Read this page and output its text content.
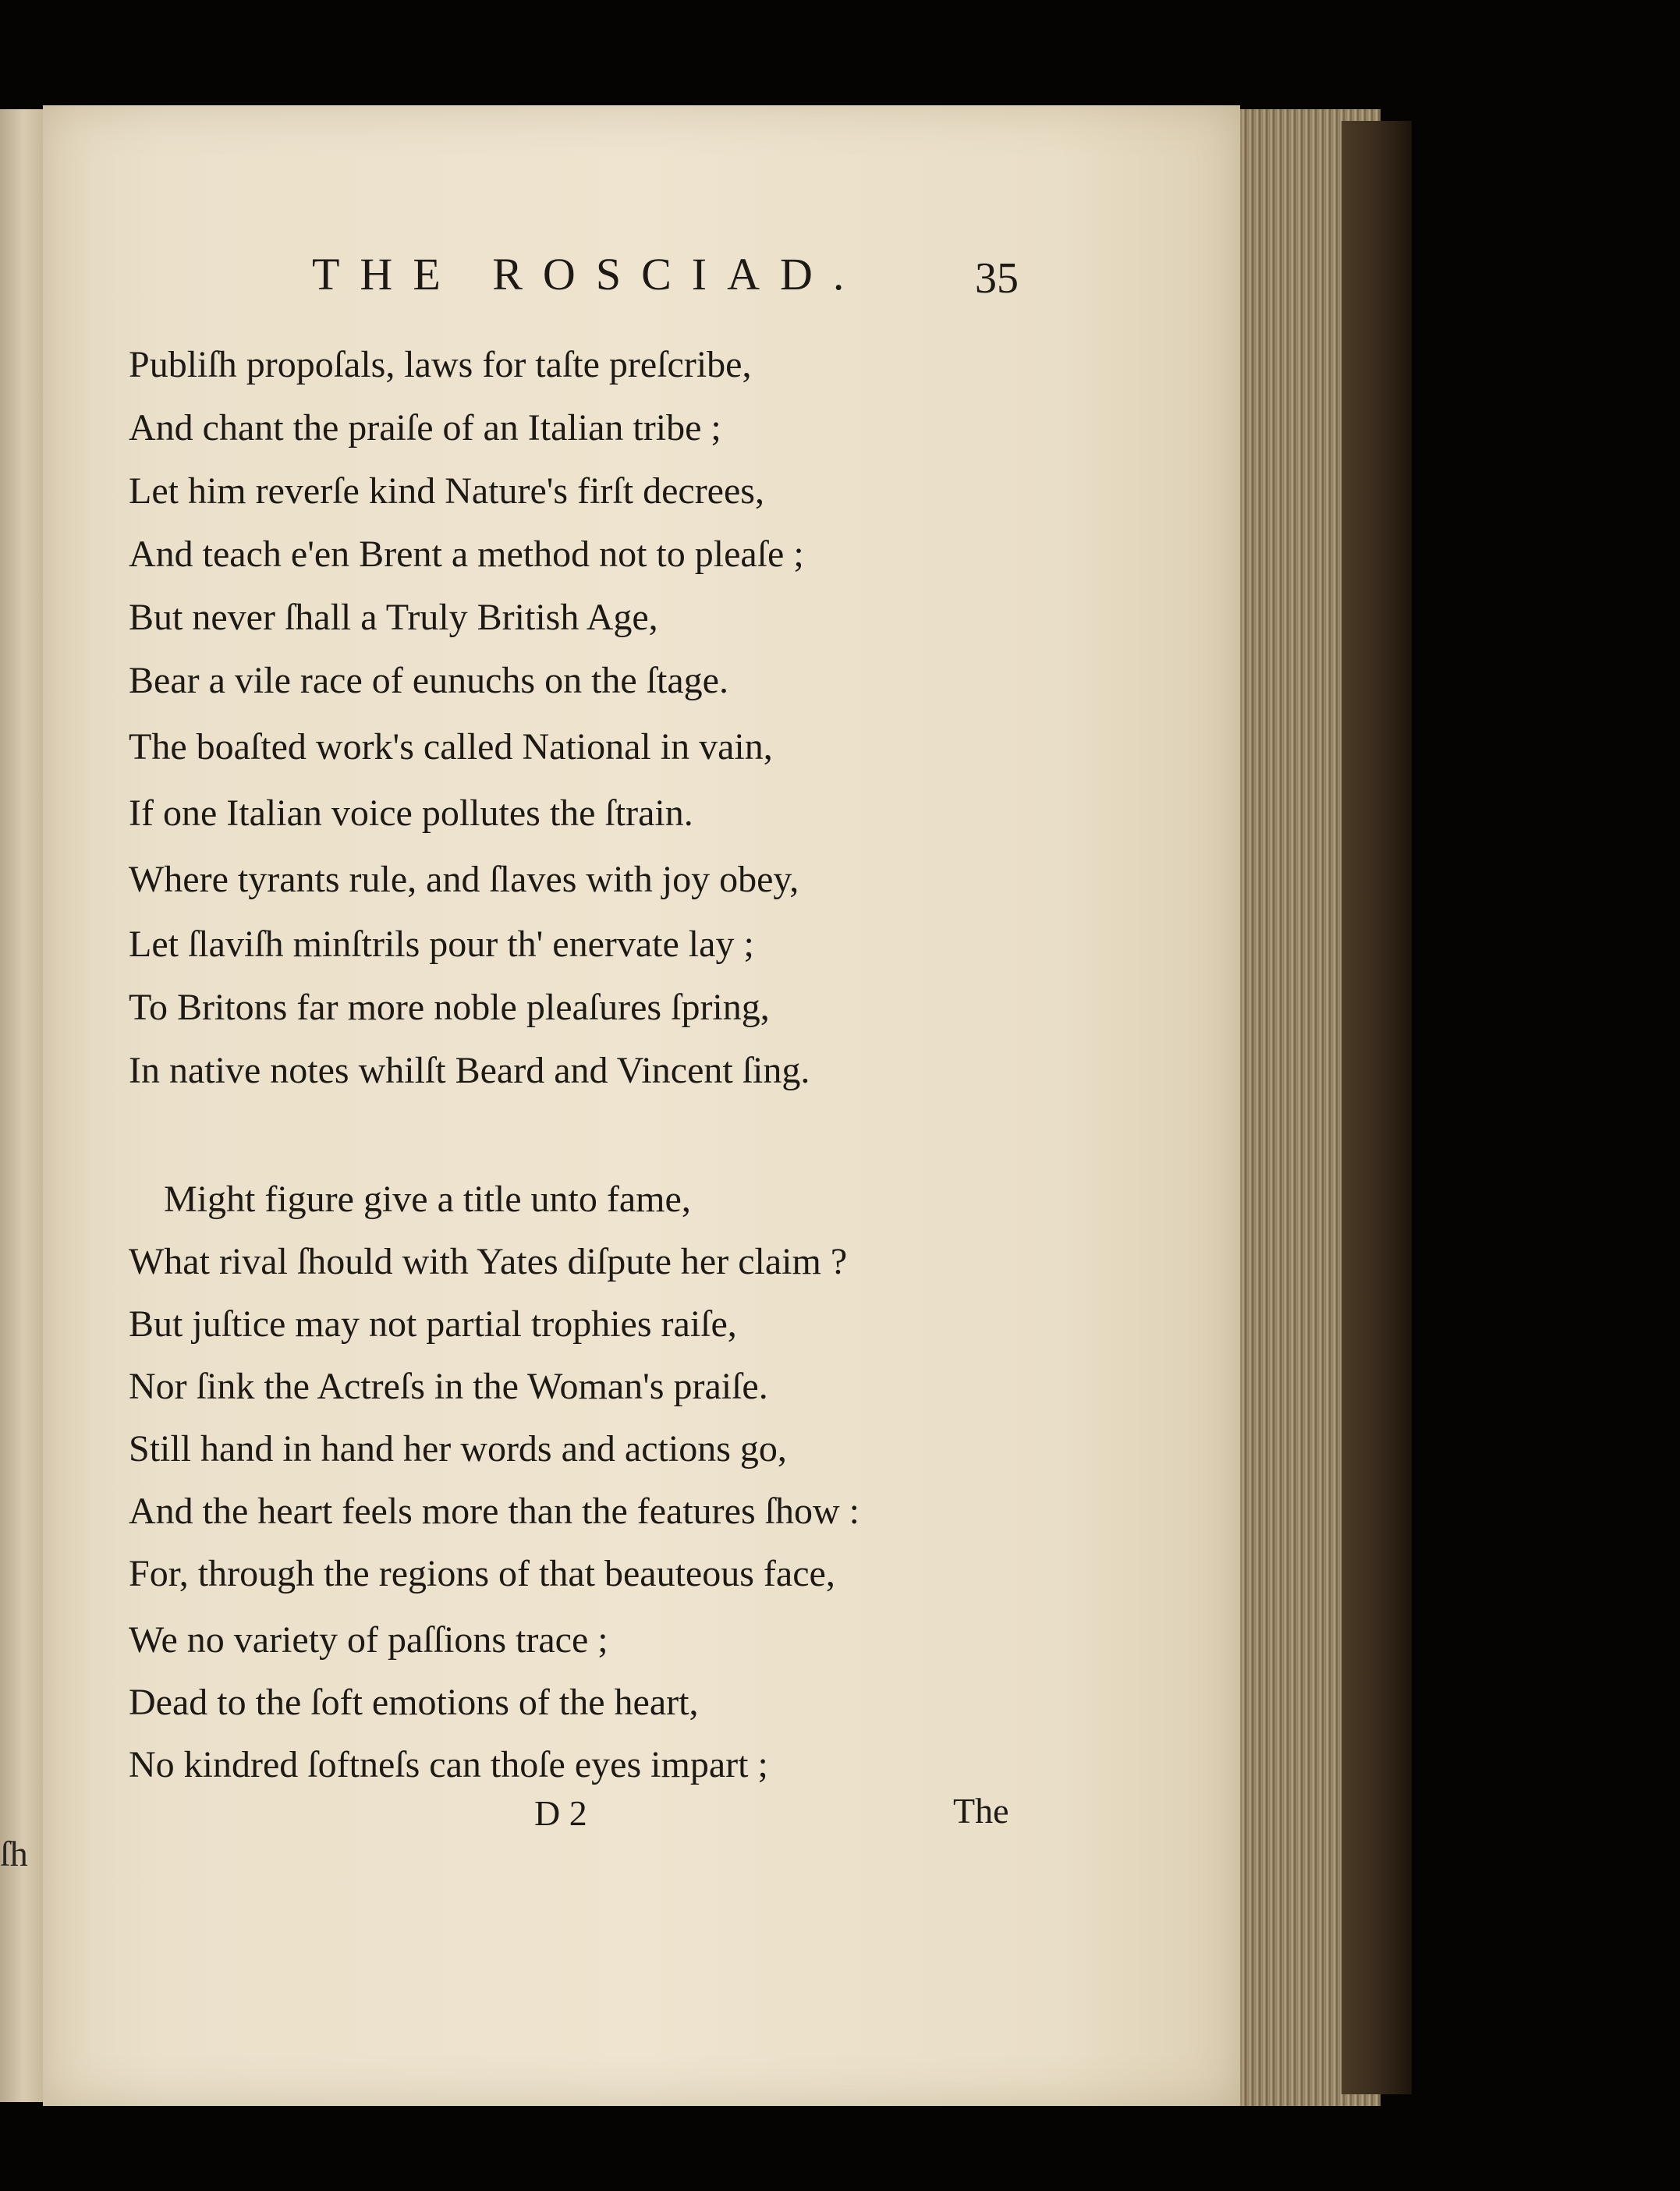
ſh
THE ROSCIAD.	35
Publiſh propoſals, laws for taſte preſcribe,
And chant the praiſe of an Italian tribe ;
Let him reverſe kind Nature's firſt decrees,
And teach e'en Brent a method not to pleaſe ;
But never ſhall a Truly British Age,
Bear a vile race of eunuchs on the ſtage.
The boaſted work's called National in vain,
If one Italian voice pollutes the ſtrain.
Where tyrants rule, and ſlaves with joy obey,
Let ſlaviſh minſtrils pour th' enervate lay ;
To Britons far more noble pleaſures ſpring,
In native notes whilſt Beard and Vincent ſing.
Might figure give a title unto fame,
What rival ſhould with Yates diſpute her claim ?
But juſtice may not partial trophies raiſe,
Nor ſink the Actreſs in the Woman's praiſe.
Still hand in hand her words and actions go,
And the heart feels more than the features ſhow :
For, through the regions of that beauteous face,
We no variety of paſſions trace ;
Dead to the ſoft emotions of the heart,
No kindred ſoftneſs can thoſe eyes impart ;
D 2	The
